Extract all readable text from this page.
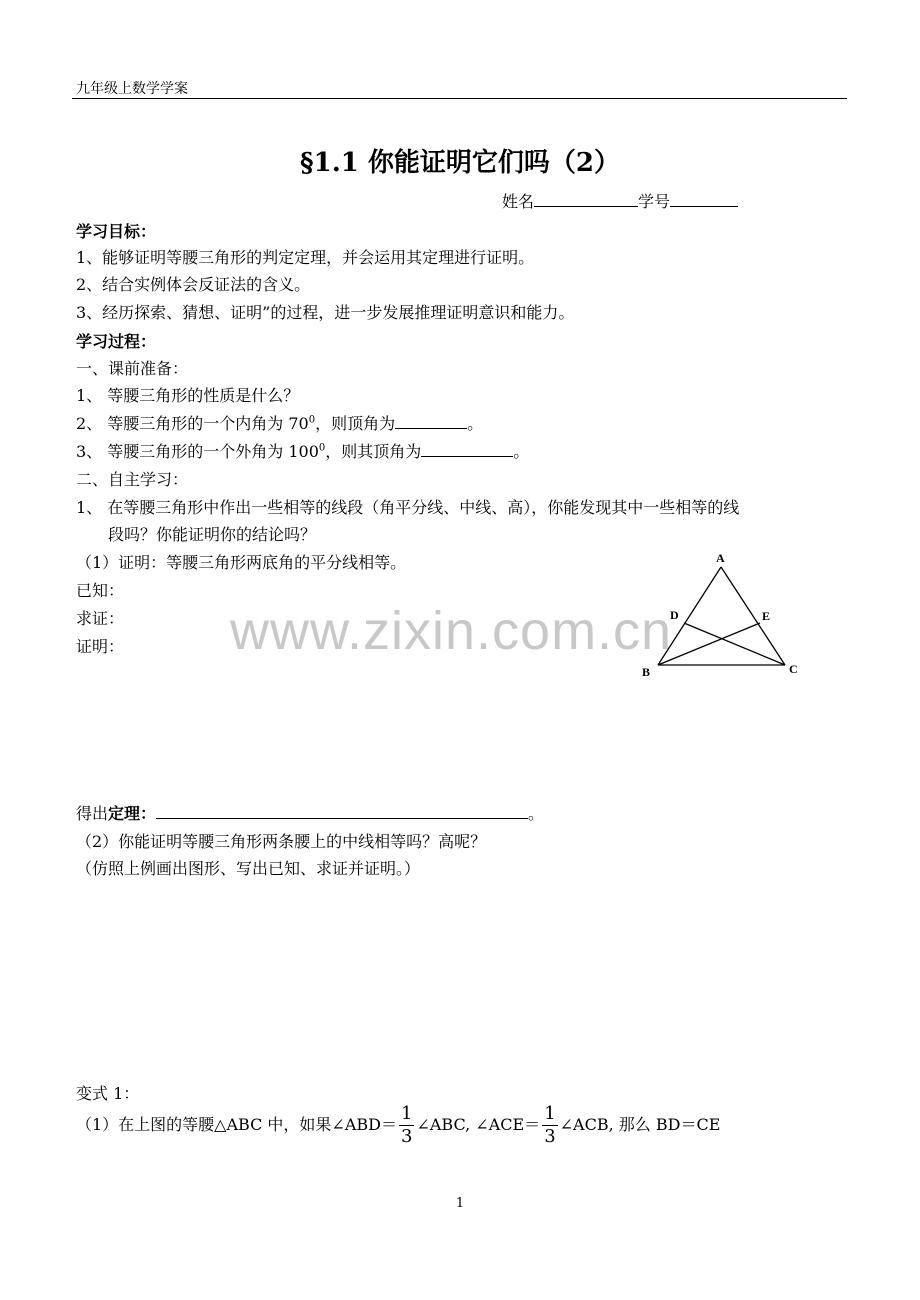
九年级上数学学案
§1.1 你能证明它们吗（2）
姓名	学号
学习目标：
1、能够证明等腰三角形的判定定理，并会运用其定理进行证明。
2、结合实例体会反证法的含义。
3、经历探索、猜想、证明”的过程，进一步发展推理证明意识和能力。
学习过程：
一、课前准备：
1、 等腰三角形的性质是什么？
2、 等腰三角形的一个内角为 $70^0$，则顶角为	。
3、 等腰三角形的一个外角为 $100^0$，则其顶角为	。
二、自主学习：
1、 在等腰三角形中作出一些相等的线段（角平分线、中线、高），你能发现其中一些相等的线
段吗？你能证明你的结论吗？
（1）证明：等腰三角形两底角的平分线相等。
已知：
求证：
证明：
A
B	C
D	E
www.zixin.com.cn
得出定理：	。
（2）你能证明等腰三角形两条腰上的中线相等吗？高呢？
（仿照上例画出图形、写出已知、求证并证明。）
变式 1：
（1）在上图的等腰△ABC 中，如果∠ABD＝ $\frac{1}{3}$ ∠ABC, ∠ACE＝ $\frac{1}{3}$ ∠ACB, 那么 BD＝CE
1
